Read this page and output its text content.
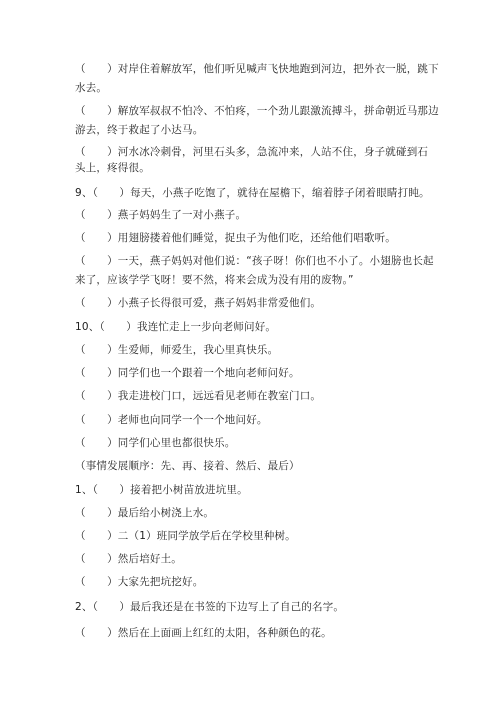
（　　）对岸住着解放军，他们听见喊声飞快地跑到河边，把外衣一脱，跳下
水去。
（　　）解放军叔叔不怕冷、不怕疼，一个劲儿跟激流搏斗，拼命朝近马那边
游去，终于救起了小达马。
（　　）河水冰冷刺骨，河里石头多，急流冲来，人站不住，身子就碰到石头上，疼得很。
9、（　　）每天，小燕子吃饱了，就待在屋檐下，缩着脖子闭着眼睛打盹。
（　　）燕子妈妈生了一对小燕子。
（　　）用翅膀搂着他们睡觉，捉虫子为他们吃，还给他们唱歌听。
（　　）一天，燕子妈妈对他们说：“孩子呀！你们也不小了。小翅膀也长起
来了，应该学学飞呀！要不然，将来会成为没有用的废物。”
（　　）小燕子长得很可爱，燕子妈妈非常爱他们。
10、（　　）我连忙走上一步向老师问好。
（　　）生爱师，师爱生，我心里真快乐。
（　　）同学们也一个跟着一个地向老师问好。
（　　）我走进校门口，远远看见老师在教室门口。
（　　）老师也向同学一个一个地问好。
（　　）同学们心里也都很快乐。
（事情发展顺序：先、再、接着、然后、最后）
1、（　　）接着把小树苗放进坑里。
（　　）最后给小树浇上水。
（　　）二（1）班同学放学后在学校里种树。
（　　）然后培好土。
（　　）大家先把坑挖好。
2、（　　）最后我还是在书签的下边写上了自己的名字。
（　　）然后在上面画上红红的太阳，各种颜色的花。
